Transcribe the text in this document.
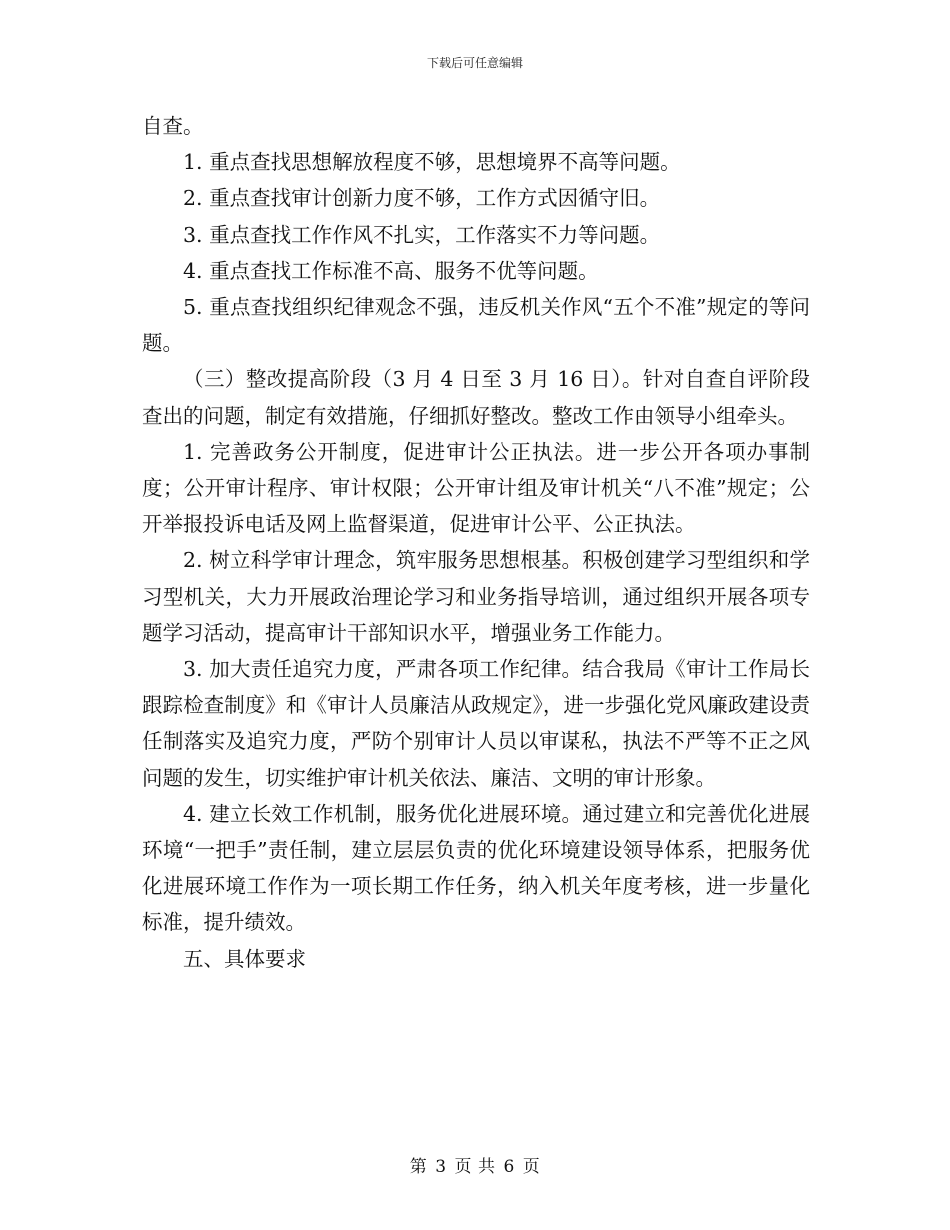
下载后可任意编辑

自查。

1. 重点查找思想解放程度不够，思想境界不高等问题。

2. 重点查找审计创新力度不够，工作方式因循守旧。

3. 重点查找工作作风不扎实，工作落实不力等问题。

4. 重点查找工作标准不高、服务不优等问题。

5. 重点查找组织纪律观念不强，违反机关作风“五个不准”规定的等问题。

（三）整改提高阶段（3 月 4 日至 3 月 16 日）。针对自查自评阶段查出的问题，制定有效措施，仔细抓好整改。整改工作由领导小组牵头。

1. 完善政务公开制度，促进审计公正执法。进一步公开各项办事制度；公开审计程序、审计权限；公开审计组及审计机关“八不准”规定；公开举报投诉电话及网上监督渠道，促进审计公平、公正执法。

2. 树立科学审计理念，筑牢服务思想根基。积极创建学习型组织和学习型机关，大力开展政治理论学习和业务指导培训，通过组织开展各项专题学习活动，提高审计干部知识水平，增强业务工作能力。

3. 加大责任追究力度，严肃各项工作纪律。结合我局《审计工作局长跟踪检查制度》和《审计人员廉洁从政规定》，进一步强化党风廉政建设责任制落实及追究力度，严防个别审计人员以审谋私，执法不严等不正之风问题的发生，切实维护审计机关依法、廉洁、文明的审计形象。

4. 建立长效工作机制，服务优化进展环境。通过建立和完善优化进展环境“一把手”责任制，建立层层负责的优化环境建设领导体系，把服务优化进展环境工作作为一项长期工作任务，纳入机关年度考核，进一步量化标准，提升绩效。

五、具体要求

第 3 页 共 6 页
